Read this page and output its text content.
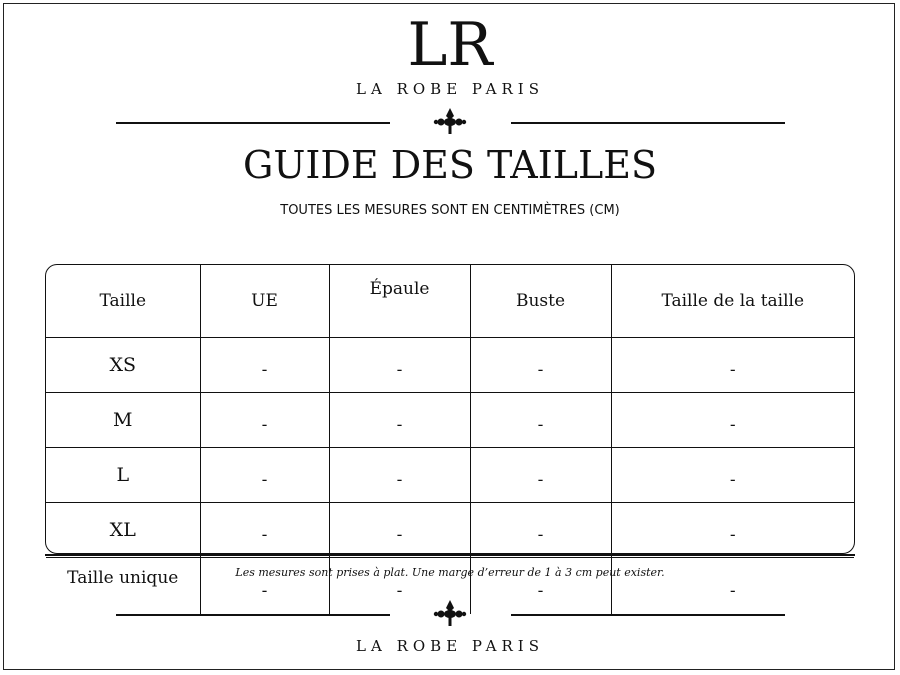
LR
LA ROBE PARIS
GUIDE DES TAILLES
TOUTES LES MESURES SONT EN CENTIMÈTRES (CM)
Taille	UE	Épaule	Buste	Taille de la taille
XS	-	-	-	-
M	-	-	-	-
L	-	-	-	-
XL	-	-	-	-
Taille unique	-	-	-	-
Les mesures sont prises à plat. Une marge d’erreur de 1 à 3 cm peut exister.
LA ROBE PARIS
